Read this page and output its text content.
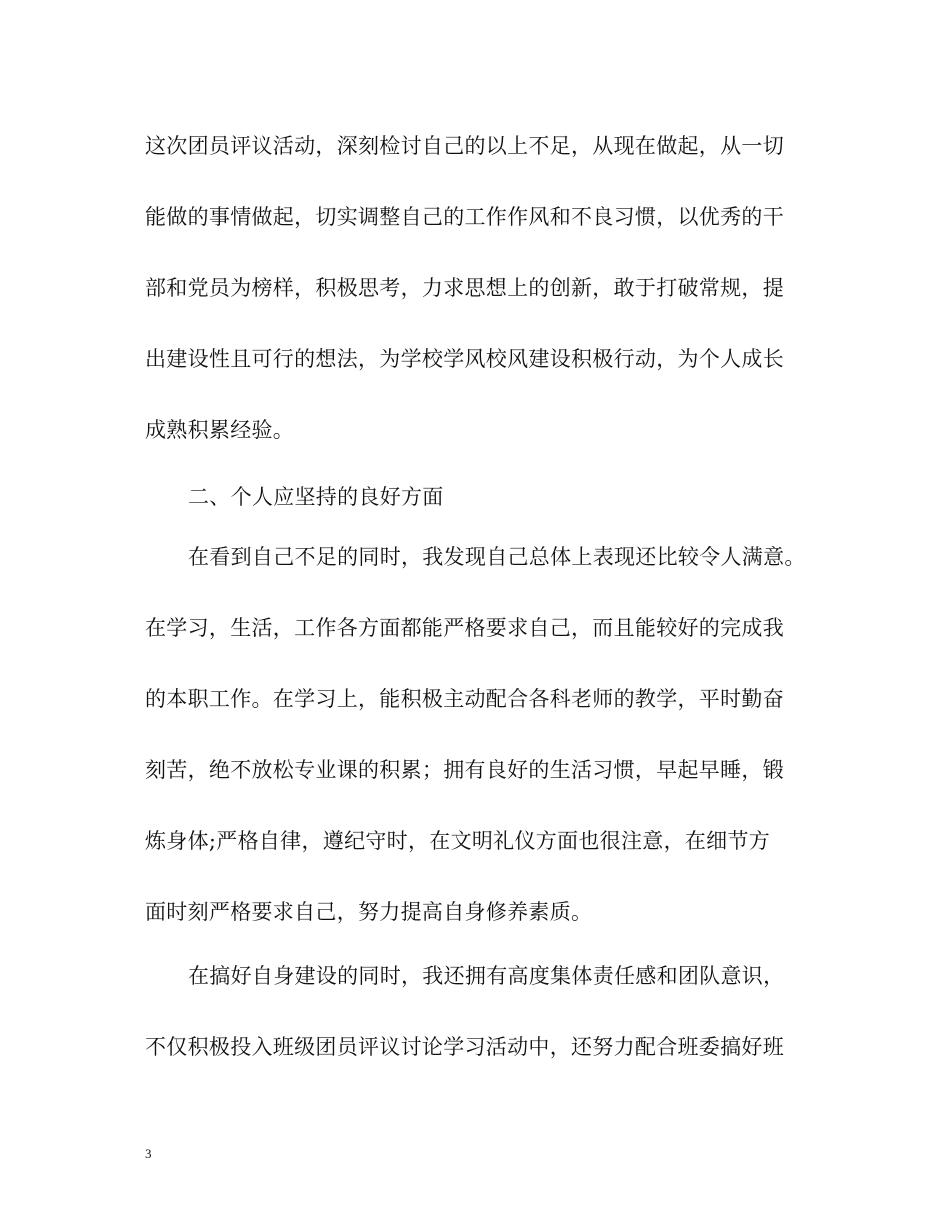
这次团员评议活动，深刻检讨自己的以上不足，从现在做起，从一切
能做的事情做起，切实调整自己的工作作风和不良习惯，以优秀的干
部和党员为榜样，积极思考，力求思想上的创新，敢于打破常规，提
出建设性且可行的想法，为学校学风校风建设积极行动，为个人成长
成熟积累经验。
二、个人应坚持的良好方面
在看到自己不足的同时，我发现自己总体上表现还比较令人满意。
在学习，生活，工作各方面都能严格要求自己，而且能较好的完成我
的本职工作。在学习上，能积极主动配合各科老师的教学，平时勤奋
刻苦，绝不放松专业课的积累；拥有良好的生活习惯，早起早睡，锻
炼身体;严格自律，遵纪守时，在文明礼仪方面也很注意，在细节方
面时刻严格要求自己，努力提高自身修养素质。
在搞好自身建设的同时，我还拥有高度集体责任感和团队意识，
不仅积极投入班级团员评议讨论学习活动中，还努力配合班委搞好班
3
